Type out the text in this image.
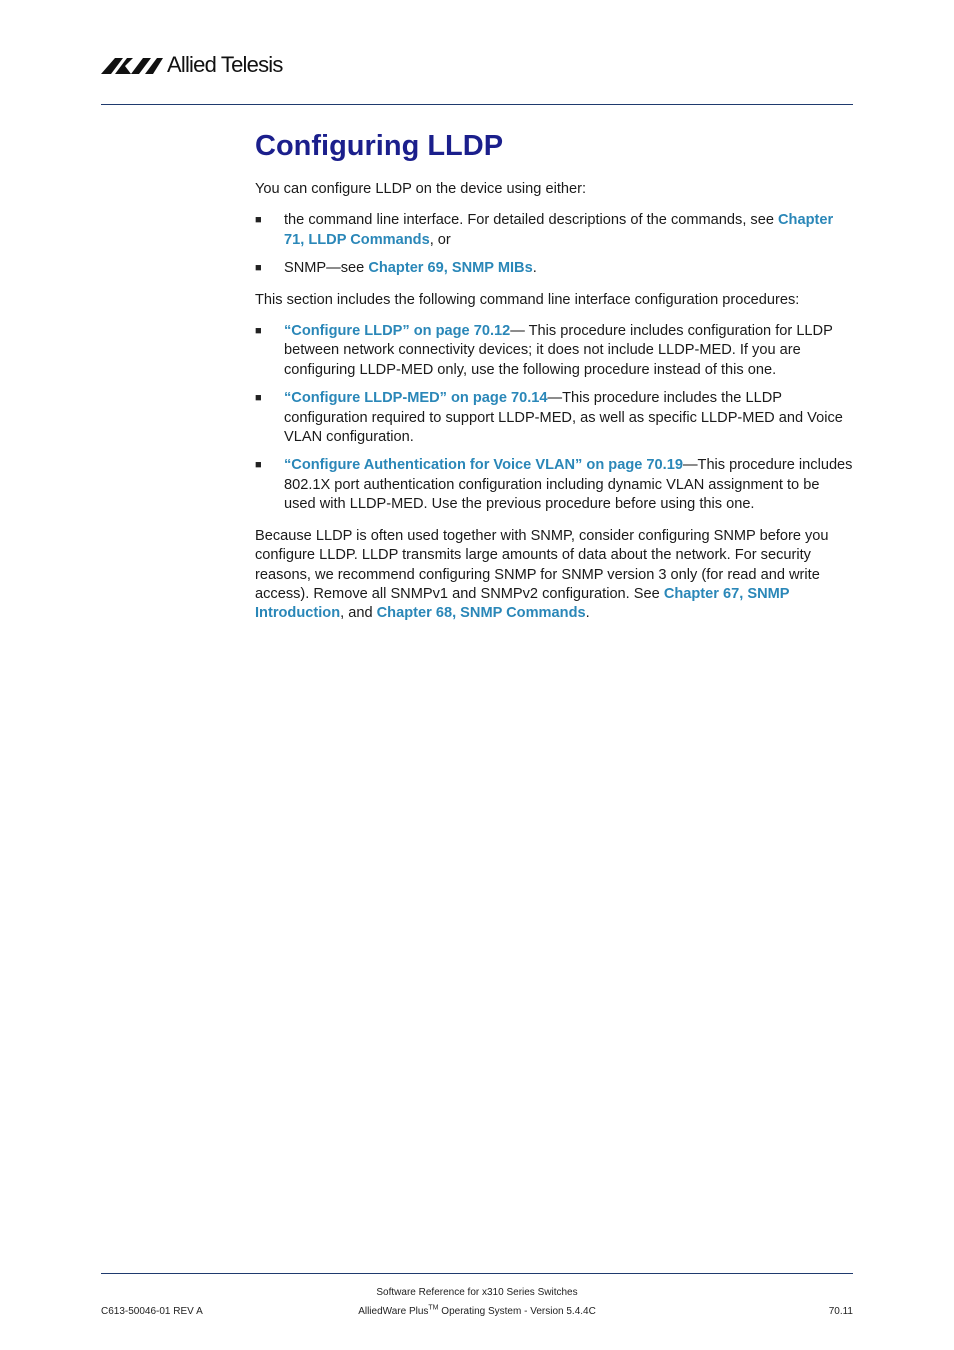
Allied Telesis
Configuring LLDP

You can configure LLDP on the device using either:

■ the command line interface. For detailed descriptions of the commands, see Chapter 71, LLDP Commands, or
■ SNMP—see Chapter 69, SNMP MIBs.

This section includes the following command line interface configuration procedures:

■ “Configure LLDP” on page 70.12— This procedure includes configuration for LLDP between network connectivity devices; it does not include LLDP-MED. If you are configuring LLDP-MED only, use the following procedure instead of this one.
■ “Configure LLDP-MED” on page 70.14—This procedure includes the LLDP configuration required to support LLDP-MED, as well as specific LLDP-MED and Voice VLAN configuration.
■ “Configure Authentication for Voice VLAN” on page 70.19—This procedure includes 802.1X port authentication configuration including dynamic VLAN assignment to be used with LLDP-MED. Use the previous procedure before using this one.

Because LLDP is often used together with SNMP, consider configuring SNMP before you configure LLDP. LLDP transmits large amounts of data about the network. For security reasons, we recommend configuring SNMP for SNMP version 3 only (for read and write access). Remove all SNMPv1 and SNMPv2 configuration. See Chapter 67, SNMP Introduction, and Chapter 68, SNMP Commands.

Software Reference for x310 Series Switches
AlliedWare Plus™ Operating System - Version 5.4.4C
C613-50046-01 REV A	70.11
